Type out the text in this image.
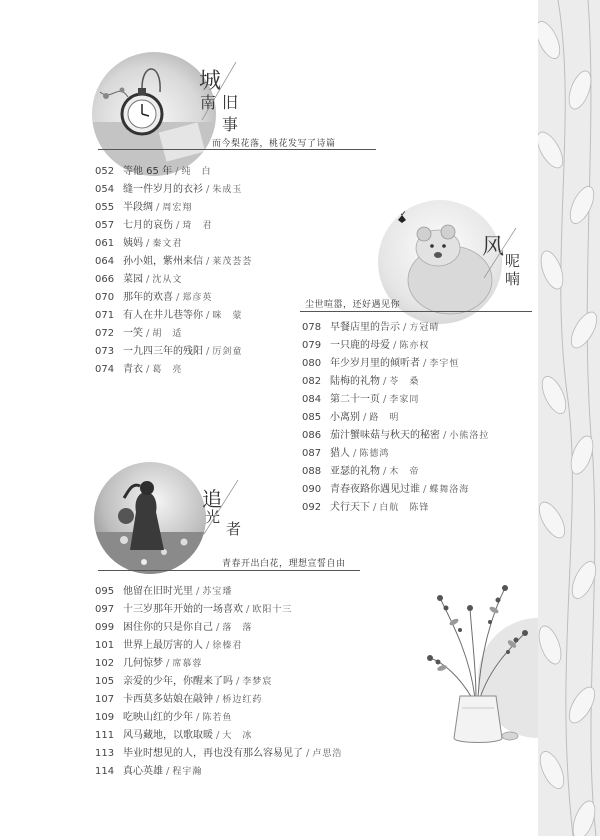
城
南 旧
事
而今梨花落，桃花发写了诗篇
052 等他 65 年 / 纯　白
054 缝一件岁月的衣衫 / 朱成玉
055 半段绸 / 周宏翔
057 七月的哀伤 / 琦　君
061 姨妈 / 秦文君
064 孙小姐，紫州来信 / 莱茂荟荟
066 菜园 / 沈从文
070 那年的欢喜 / 郑彦英
071 有人在井儿巷等你 / 咪　蒙
072 一笑 / 胡　适
073 一九四三年的残阳 / 厉剑童
074 青衣 / 葛　亮
风
呢
喃
尘世喧嚣，还好遇见你
078 早餐店里的告示 / 方冠晴
079 一只鹿的母爱 / 陈亦权
080 年少岁月里的倾听者 / 李宇恒
082 陆梅的礼物 / 苓　桑
084 第二十一页 / 李家同
085 小离别 / 路　明
086 茄汁蟹味菇与秋天的秘密 / 小熊洛拉
087 猎人 / 陈德鸿
088 亚瑟的礼物 / 木　帝
090 青春夜路你遇见过谁 / 蝶舞洛海
092 犬行天下 / 白航　陈锋
追
光
者
青春开出白花，理想宣誓自由
095 他留在旧时光里 / 苏宝璠
097 十三岁那年开始的一场喜欢 / 欧阳十三
099 困住你的只是你自己 / 落　落
101 世界上最厉害的人 / 徐榛君
102 几何惊梦 / 席慕蓉
105 亲爱的少年，你醒来了吗 / 李梦宸
107 卡西莫多姑娘在敲钟 / 桥边红药
109 吃映山红的少年 / 陈若鱼
111 风马藏地，以歌取暖 / 大　冰
113 毕业时想见的人，再也没有那么容易见了 / 卢思浩
114 真心英雄 / 程宇瀚
